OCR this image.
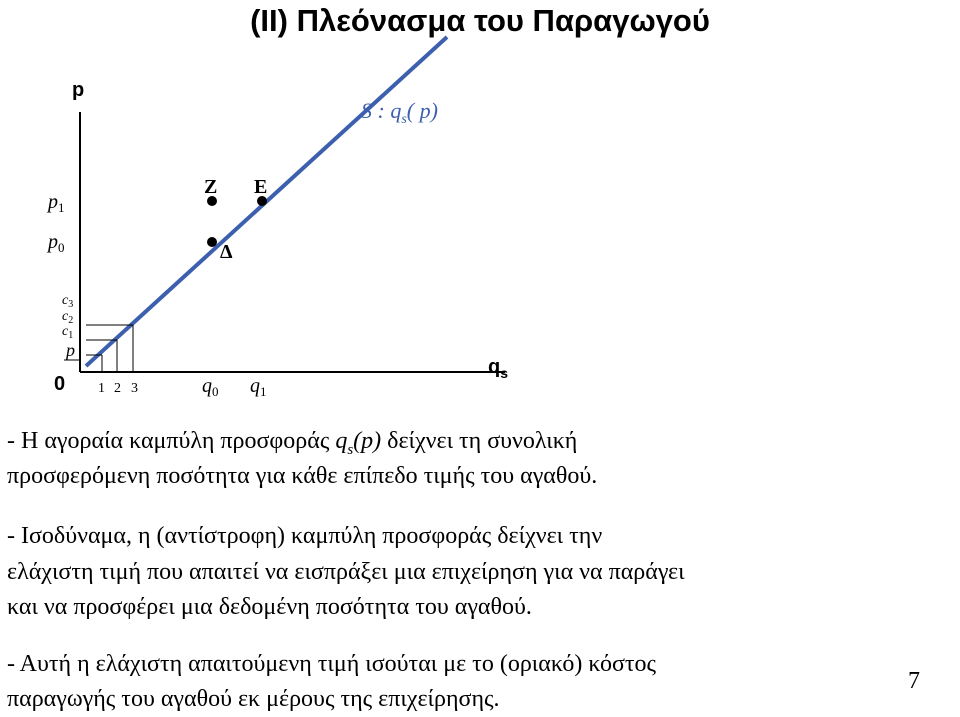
(II) Πλεόνασμα του Παραγωγού
p
0
$q_s$
S : $q_s$( p)
Ζ Ε
Δ
$p_1$
$p_0$
$c_3$
$c_2$
$c_1$
p
1 2 3	$q_0$ $q_1$
- Η αγοραία καμπύλη προσφοράς $q_s(p)$ δείχνει τη συνολική
προσφερόμενη ποσότητα για κάθε επίπεδο τιμής του αγαθού.
- Ισοδύναμα, η (αντίστροφη) καμπύλη προσφοράς δείχνει την
ελάχιστη τιμή που απαιτεί να εισπράξει μια επιχείρηση για να παράγει
και να προσφέρει μια δεδομένη ποσότητα του αγαθού.
- Αυτή η ελάχιστη απαιτούμενη τιμή ισούται με το (οριακό) κόστος
παραγωγής του αγαθού εκ μέρους της επιχείρησης.
7
